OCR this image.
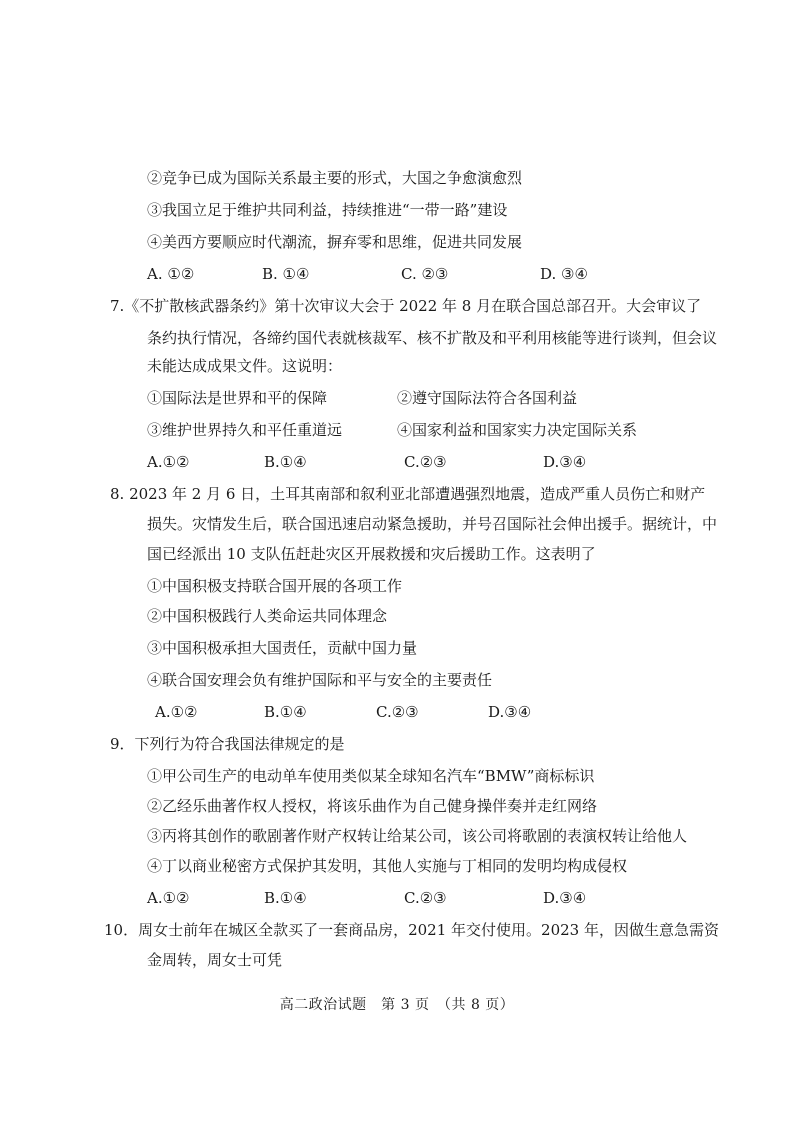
②竞争已成为国际关系最主要的形式，大国之争愈演愈烈
③我国立足于维护共同利益，持续推进“一带一路”建设
④美西方要顺应时代潮流，摒弃零和思维，促进共同发展
A. ①②	B. ①④	C. ②③	D. ③④
7.《不扩散核武器条约》第十次审议大会于 2022 年 8 月在联合国总部召开。大会审议了
条约执行情况，各缔约国代表就核裁军、核不扩散及和平利用核能等进行谈判，但会议
未能达成成果文件。这说明：
①国际法是世界和平的保障	②遵守国际法符合各国利益
③维护世界持久和平任重道远	④国家利益和国家实力决定国际关系
A.①②	B.①④	C.②③	D.③④
8. 2023 年 2 月 6 日，土耳其南部和叙利亚北部遭遇强烈地震，造成严重人员伤亡和财产
损失。灾情发生后，联合国迅速启动紧急援助，并号召国际社会伸出援手。据统计，中
国已经派出 10 支队伍赶赴灾区开展救援和灾后援助工作。这表明了
①中国积极支持联合国开展的各项工作
②中国积极践行人类命运共同体理念
③中国积极承担大国责任，贡献中国力量
④联合国安理会负有维护国际和平与安全的主要责任
A.①②	B.①④	C.②③	D.③④
9．下列行为符合我国法律规定的是
①甲公司生产的电动单车使用类似某全球知名汽车“BMW”商标标识
②乙经乐曲著作权人授权，将该乐曲作为自己健身操伴奏并走红网络
③丙将其创作的歌剧著作财产权转让给某公司，该公司将歌剧的表演权转让给他人
④丁以商业秘密方式保护其发明，其他人实施与丁相同的发明均构成侵权
A.①②	B.①④	C.②③	D.③④
10．周女士前年在城区全款买了一套商品房，2021 年交付使用。2023 年，因做生意急需资
金周转，周女士可凭
高二政治试题　第 3 页　（共 8 页）
